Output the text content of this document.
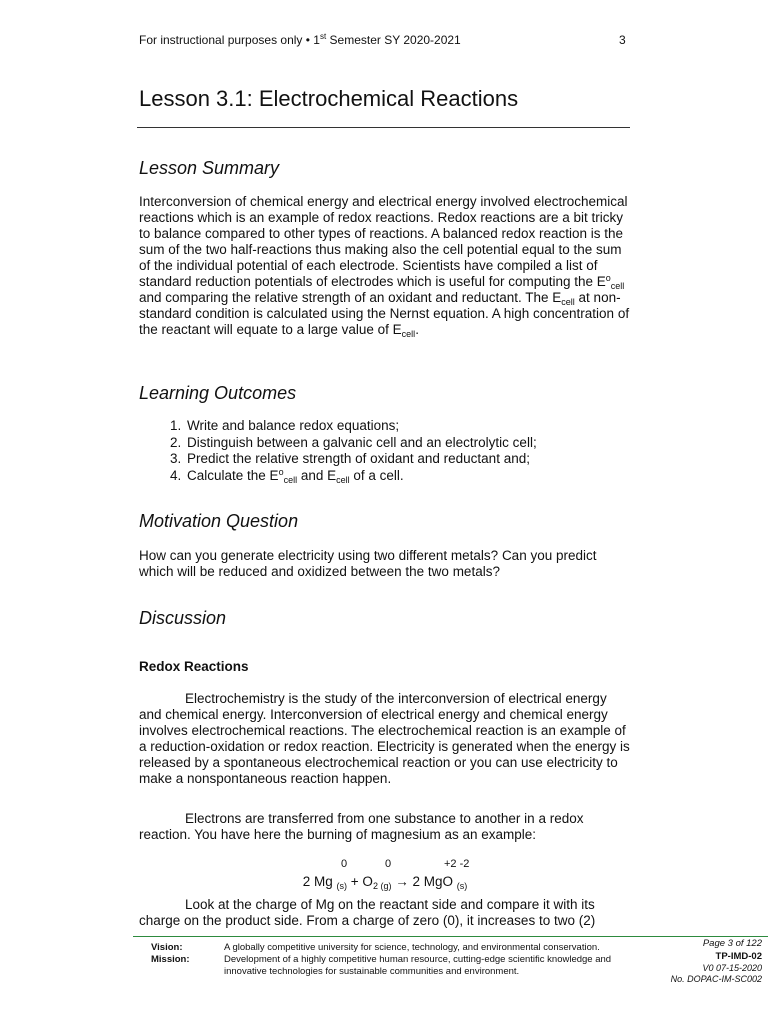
For instructional purposes only • 1st Semester SY 2020-2021	3
Lesson 3.1: Electrochemical Reactions
Lesson Summary
Interconversion of chemical energy and electrical energy involved electrochemical reactions which is an example of redox reactions. Redox reactions are a bit tricky to balance compared to other types of reactions. A balanced redox reaction is the sum of the two half-reactions thus making also the cell potential equal to the sum of the individual potential of each electrode. Scientists have compiled a list of standard reduction potentials of electrodes which is useful for computing the $E^o_{cell}$ and comparing the relative strength of an oxidant and reductant. The $E_{cell}$ at non-standard condition is calculated using the Nernst equation. A high concentration of the reactant will equate to a large value of $E_{cell}$.
Learning Outcomes
1. Write and balance redox equations;
2. Distinguish between a galvanic cell and an electrolytic cell;
3. Predict the relative strength of oxidant and reductant and;
4. Calculate the $E^o_{cell}$ and $E_{cell}$ of a cell.
Motivation Question
How can you generate electricity using two different metals? Can you predict which will be reduced and oxidized between the two metals?
Discussion
Redox Reactions

Electrochemistry is the study of the interconversion of electrical energy and chemical energy. Interconversion of electrical energy and chemical energy involves electrochemical reactions. The electrochemical reaction is an example of a reduction-oxidation or redox reaction. Electricity is generated when the energy is released by a spontaneous electrochemical reaction or you can use electricity to make a nonspontaneous reaction happen.

Electrons are transferred from one substance to another in a redox reaction. You have here the burning of magnesium as an example:

0	0	+2 -2
2 Mg $_{(s)} + O_2$ $_{(g)}$ → 2 MgO $_{(s)}$

Look at the charge of Mg on the reactant side and compare it with its charge on the product side. From a charge of zero (0), it increases to two (2)

Vision:	A globally competitive university for science, technology, and environmental conservation.
Mission:	Development of a highly competitive human resource, cutting-edge scientific knowledge and innovative technologies for sustainable communities and environment.
Page 3 of 122
TP-IMD-02
V0 07-15-2020
No. DOPAC-IM-SC002
